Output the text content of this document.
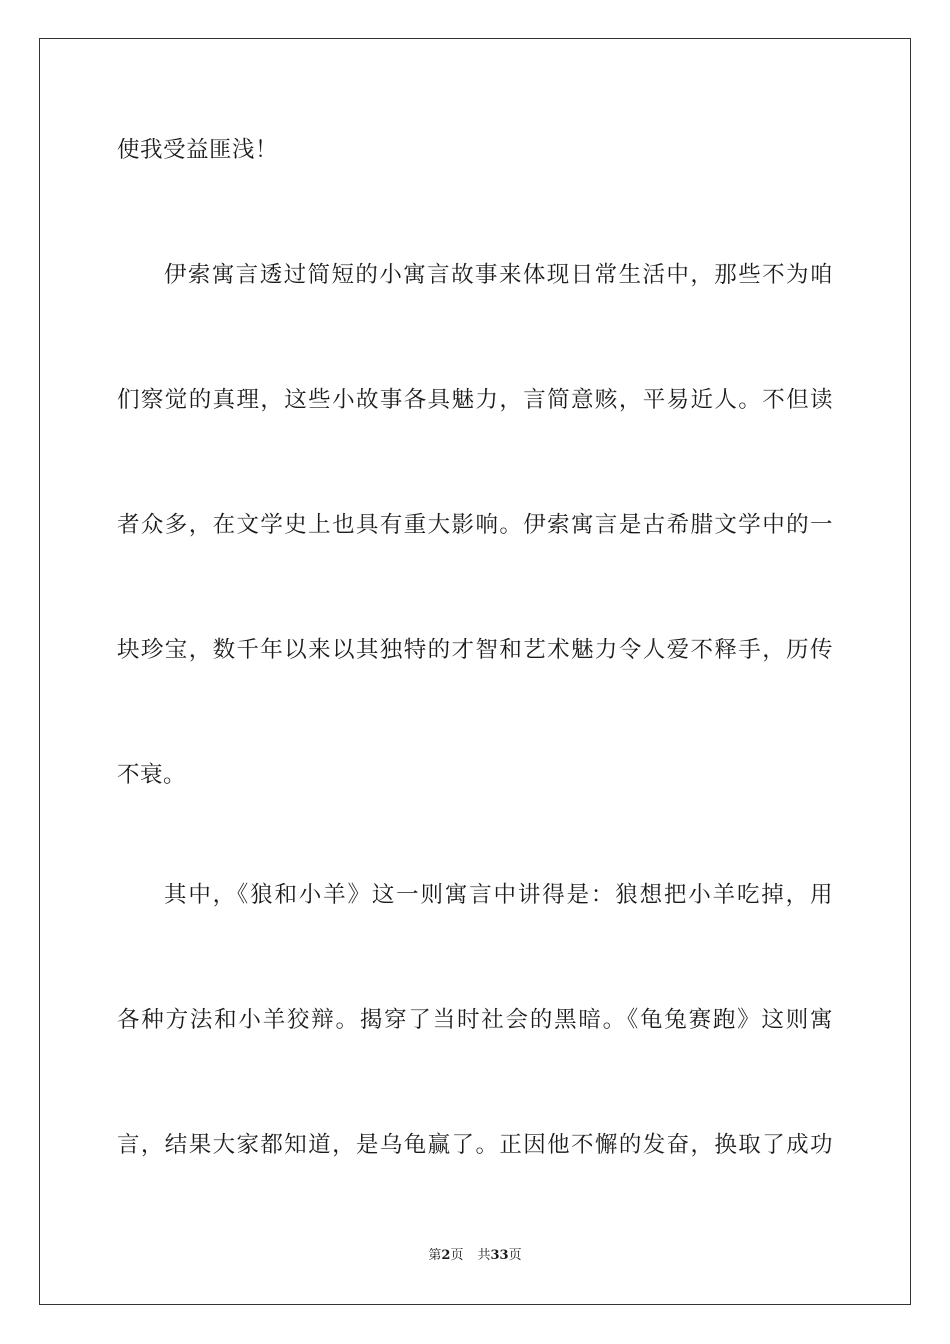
使我受益匪浅！
伊索寓言透过简短的小寓言故事来体现日常生活中，那些不为咱
们察觉的真理，这些小故事各具魅力，言简意赅，平易近人。不但读
者众多，在文学史上也具有重大影响。伊索寓言是古希腊文学中的一
块珍宝，数千年以来以其独特的才智和艺术魅力令人爱不释手，历传
不衰。
其中，《狼和小羊》这一则寓言中讲得是：狼想把小羊吃掉，用
各种方法和小羊狡辩。揭穿了当时社会的黑暗。《龟兔赛跑》这则寓
言，结果大家都知道，是乌龟赢了。正因他不懈的发奋，换取了成功
第2页 共33页
